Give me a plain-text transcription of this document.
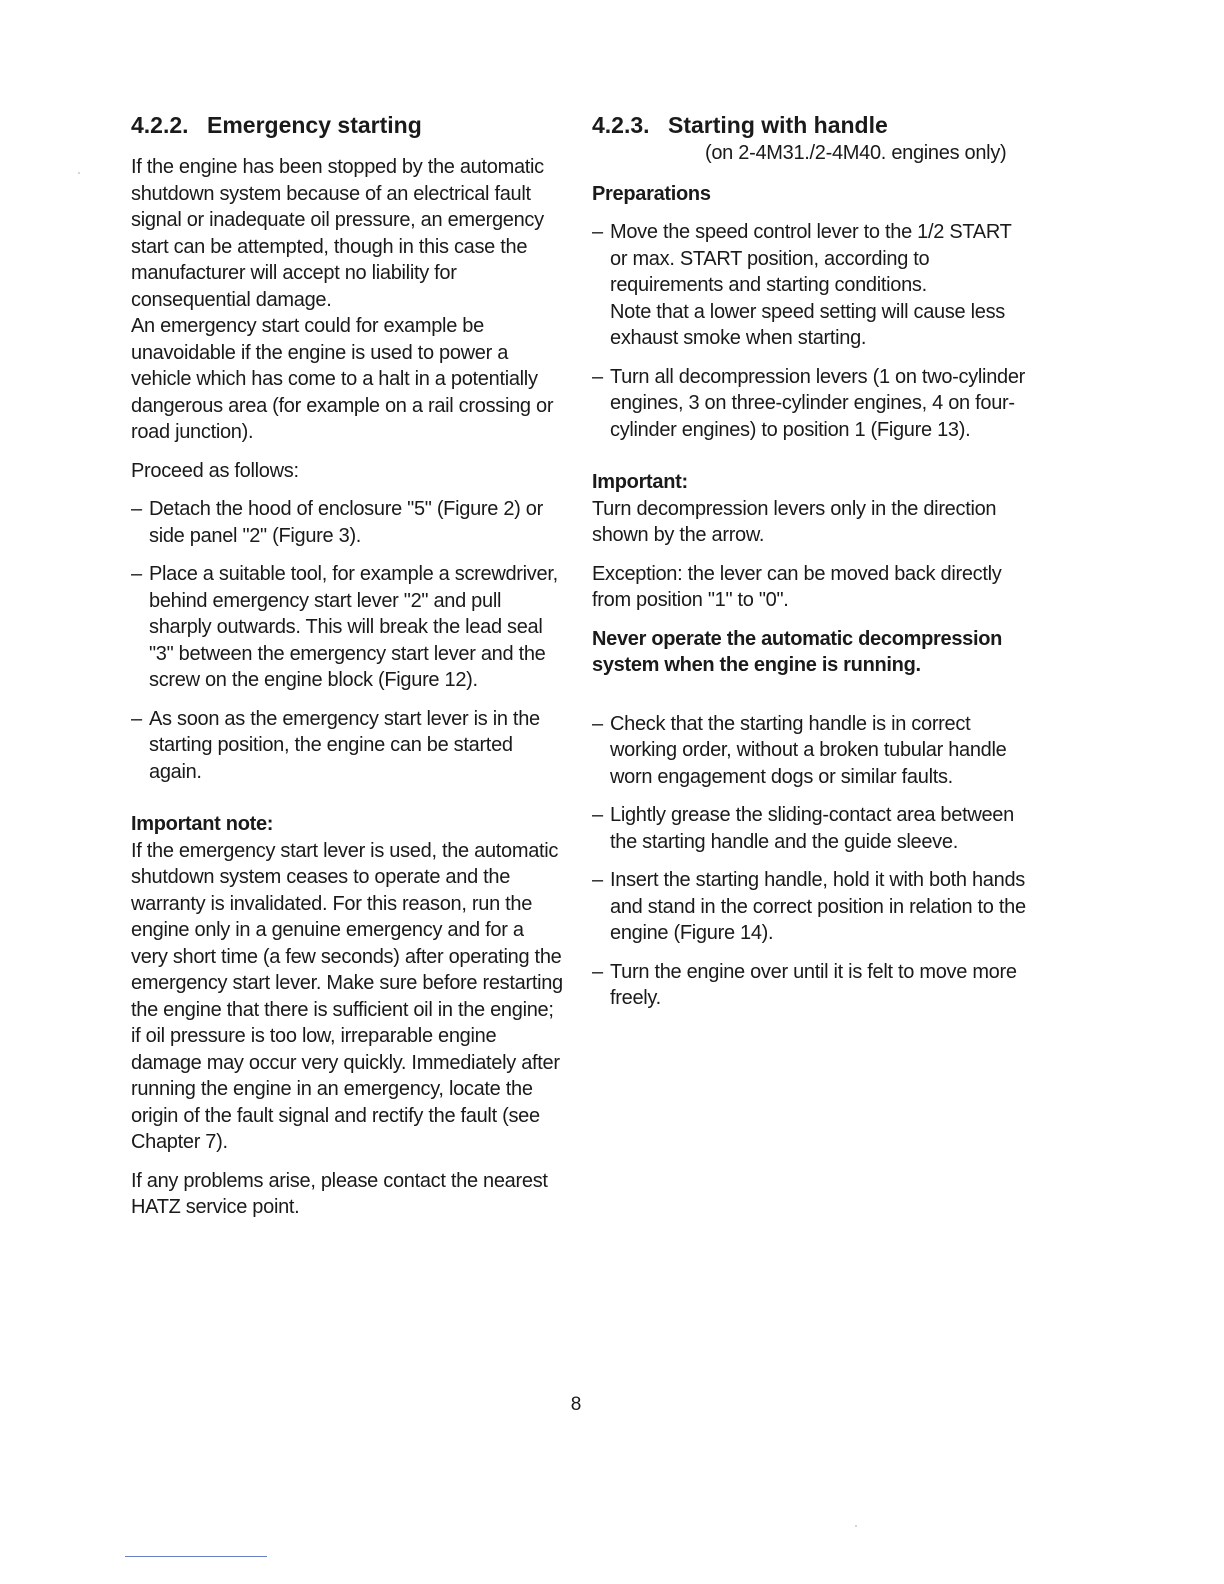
4.2.2. Emergency starting

If the engine has been stopped by the automatic shutdown system because of an electrical fault signal or inadequate oil pressure, an emergency start can be attempted, though in this case the manufacturer will accept no liability for consequential damage.

An emergency start could for example be unavoidable if the engine is used to power a vehicle which has come to a halt in a potentially dangerous area (for example on a rail crossing or road junction).

Proceed as follows:

– Detach the hood of enclosure "5" (Figure 2) or side panel "2" (Figure 3).
– Place a suitable tool, for example a screwdriver, behind emergency start lever "2" and pull sharply outwards. This will break the lead seal "3" between the emergency start lever and the screw on the engine block (Figure 12).
– As soon as the emergency start lever is in the starting position, the engine can be started again.

Important note:

If the emergency start lever is used, the automatic shutdown system ceases to operate and the warranty is invalidated. For this reason, run the engine only in a genuine emergency and for a very short time (a few seconds) after operating the emergency start lever. Make sure before restarting the engine that there is sufficient oil in the engine; if oil pressure is too low, irreparable engine damage may occur very quickly. Immediately after running the engine in an emergency, locate the origin of the fault signal and rectify the fault (see Chapter 7).

If any problems arise, please contact the nearest HATZ service point.

4.2.3. Starting with handle
(on 2-4M31./2-4M40. engines only)

Preparations

– Move the speed control lever to the 1/2 START or max. START position, according to requirements and starting conditions.
Note that a lower speed setting will cause less exhaust smoke when starting.
– Turn all decompression levers (1 on two-cylinder engines, 3 on three-cylinder engines, 4 on four-cylinder engines) to position 1 (Figure 13).

Important:

Turn decompression levers only in the direction shown by the arrow.

Exception: the lever can be moved back directly from position "1" to "0".

Never operate the automatic decompression system when the engine is running.

– Check that the starting handle is in correct working order, without a broken tubular handle worn engagement dogs or similar faults.
– Lightly grease the sliding-contact area between the starting handle and the guide sleeve.
– Insert the starting handle, hold it with both hands and stand in the correct position in relation to the engine (Figure 14).
– Turn the engine over until it is felt to move more freely.
8
